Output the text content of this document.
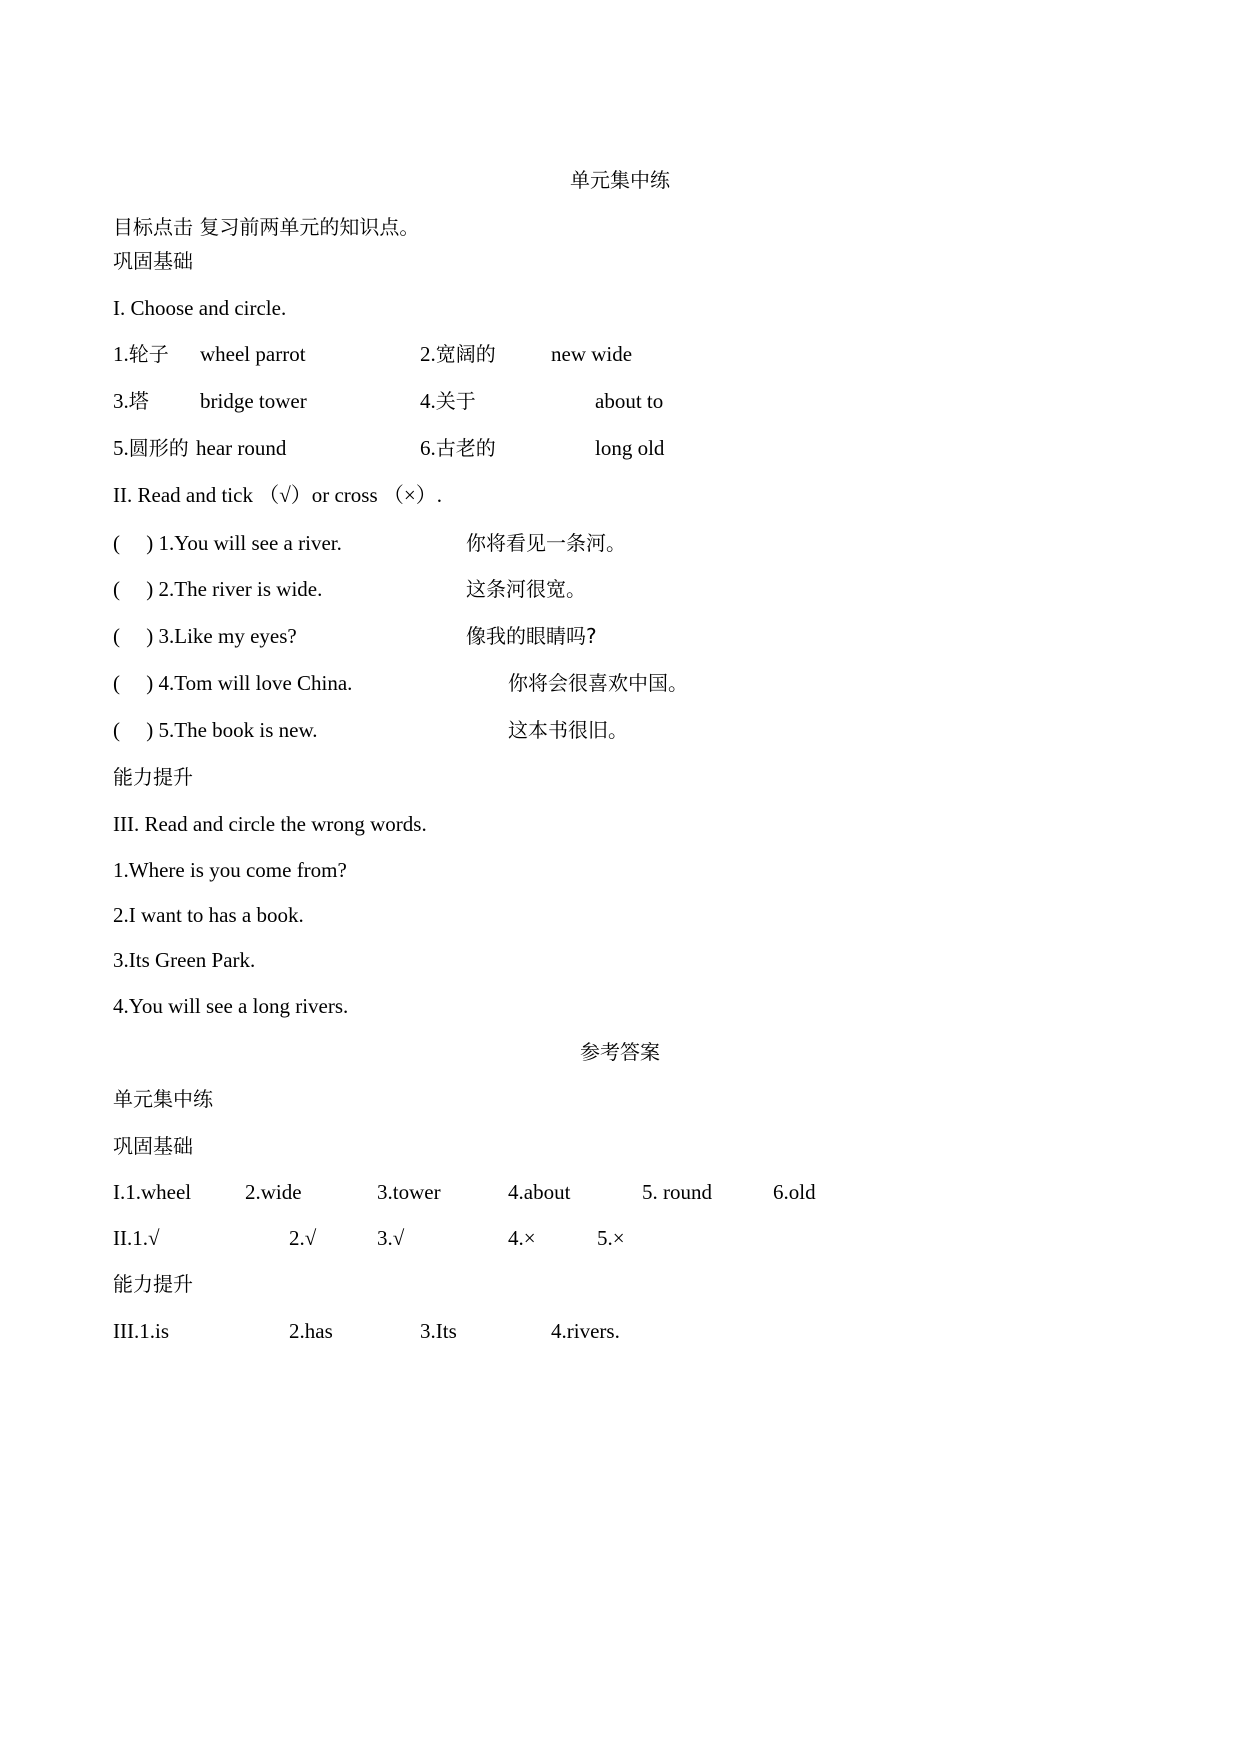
单元集中练
目标点击 复习前两单元的知识点。
巩固基础
I. Choose and circle.
1.轮子 wheel parrot	2.宽阔的	new wide
3.塔 bridge tower	4.关于	about to
5.圆形的 hear round	6.古老的	long old
II. Read and tick （√）or cross （×）.
(     ) 1.You will see a river.	你将看见一条河。
(     ) 2.The river is wide.	这条河很宽。
(     ) 3.Like my eyes?	像我的眼睛吗?
(     ) 4.Tom will love China.	你将会很喜欢中国。
(     ) 5.The book is new.	这本书很旧。
能力提升
III. Read and circle the wrong words.
1.Where is you come from?
2.I want to has a book.
3.Its Green Park.
4.You will see a long rivers.
参考答案
单元集中练
巩固基础
I.1.wheel	2.wide	3.tower	4.about	5. round	6.old
II.1.√	2.√	3.√	4.×	5.×
能力提升
III.1.is	2.has	3.Its	4.rivers.
